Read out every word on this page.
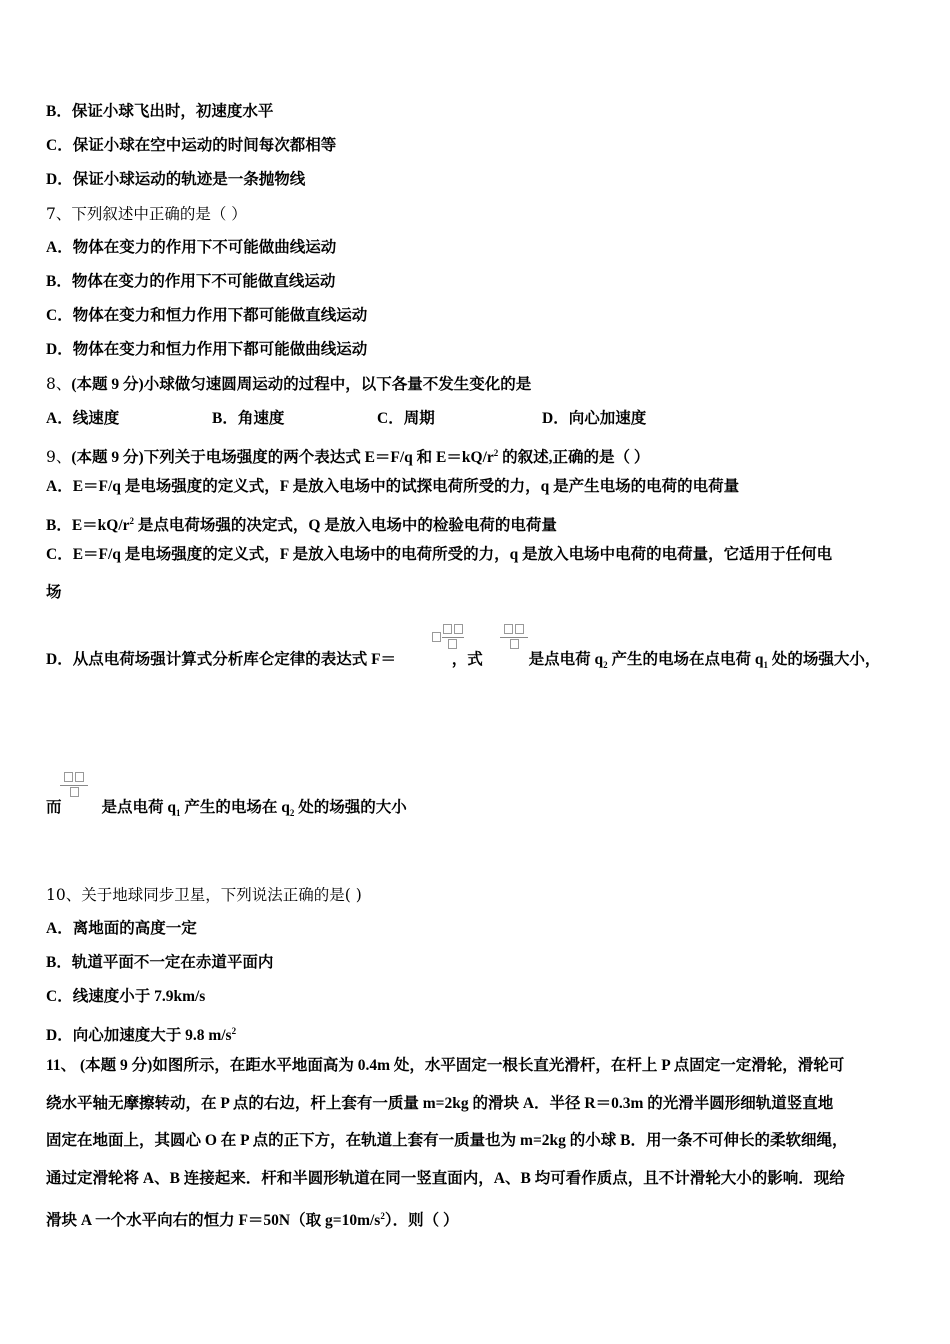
B．保证小球飞出时，初速度水平
C．保证小球在空中运动的时间每次都相等
D．保证小球运动的轨迹是一条抛物线
7、下列叙述中正确的是（ ）
A．物体在变力的作用下不可能做曲线运动
B．物体在变力的作用下不可能做直线运动
C．物体在变力和恒力作用下都可能做直线运动
D．物体在变力和恒力作用下都可能做曲线运动
8、(本题 9 分)小球做匀速圆周运动的过程中，以下各量不发生变化的是
A．线速度	B．角速度	C．周期	D．向心加速度
9、(本题 9 分)下列关于电场强度的两个表达式 E＝F/q 和 $E=kQ/r^2$ 的叙述,正确的是（ ）
A．E＝F/q 是电场强度的定义式，F 是放入电场中的试探电荷所受的力，q 是产生电场的电荷的电荷量
B．$E=kQ/r^2$ 是点电荷场强的决定式，Q 是放入电场中的检验电荷的电荷量
C．E＝F/q 是电场强度的定义式，F 是放入电场中的电荷所受的力，q 是放入电场中电荷的电荷量，它适用于任何电
场
D．从点电荷场强计算式分析库仑定律的表达式 F＝	，式	是点电荷 $q_2$ 产生的电场在点电荷 $q_1$ 处的场强大小，
而	是点电荷 $q_1$ 产生的电场在 $q_2$ 处的场强的大小
10、关于地球同步卫星，下列说法正确的是( )
A．离地面的高度一定
B．轨道平面不一定在赤道平面内
C．线速度小于 7.9km/s
D．向心加速度大于 9.8 $m/s^2$
11、 (本题 9 分)如图所示，在距水平地面高为 0.4m 处，水平固定一根长直光滑杆，在杆上 P 点固定一定滑轮，滑轮可
绕水平轴无摩擦转动，在 P 点的右边，杆上套有一质量 m=2kg 的滑块 A．半径 R＝0.3m 的光滑半圆形细轨道竖直地
固定在地面上，其圆心 O 在 P 点的正下方，在轨道上套有一质量也为 m=2kg 的小球 B．用一条不可伸长的柔软细绳，
通过定滑轮将 A、B 连接起来．杆和半圆形轨道在同一竖直面内，A、B 均可看作质点，且不计滑轮大小的影响．现给
滑块 A 一个水平向右的恒力 F＝50N（取 $g=10m/s^2$）．则（ ）
